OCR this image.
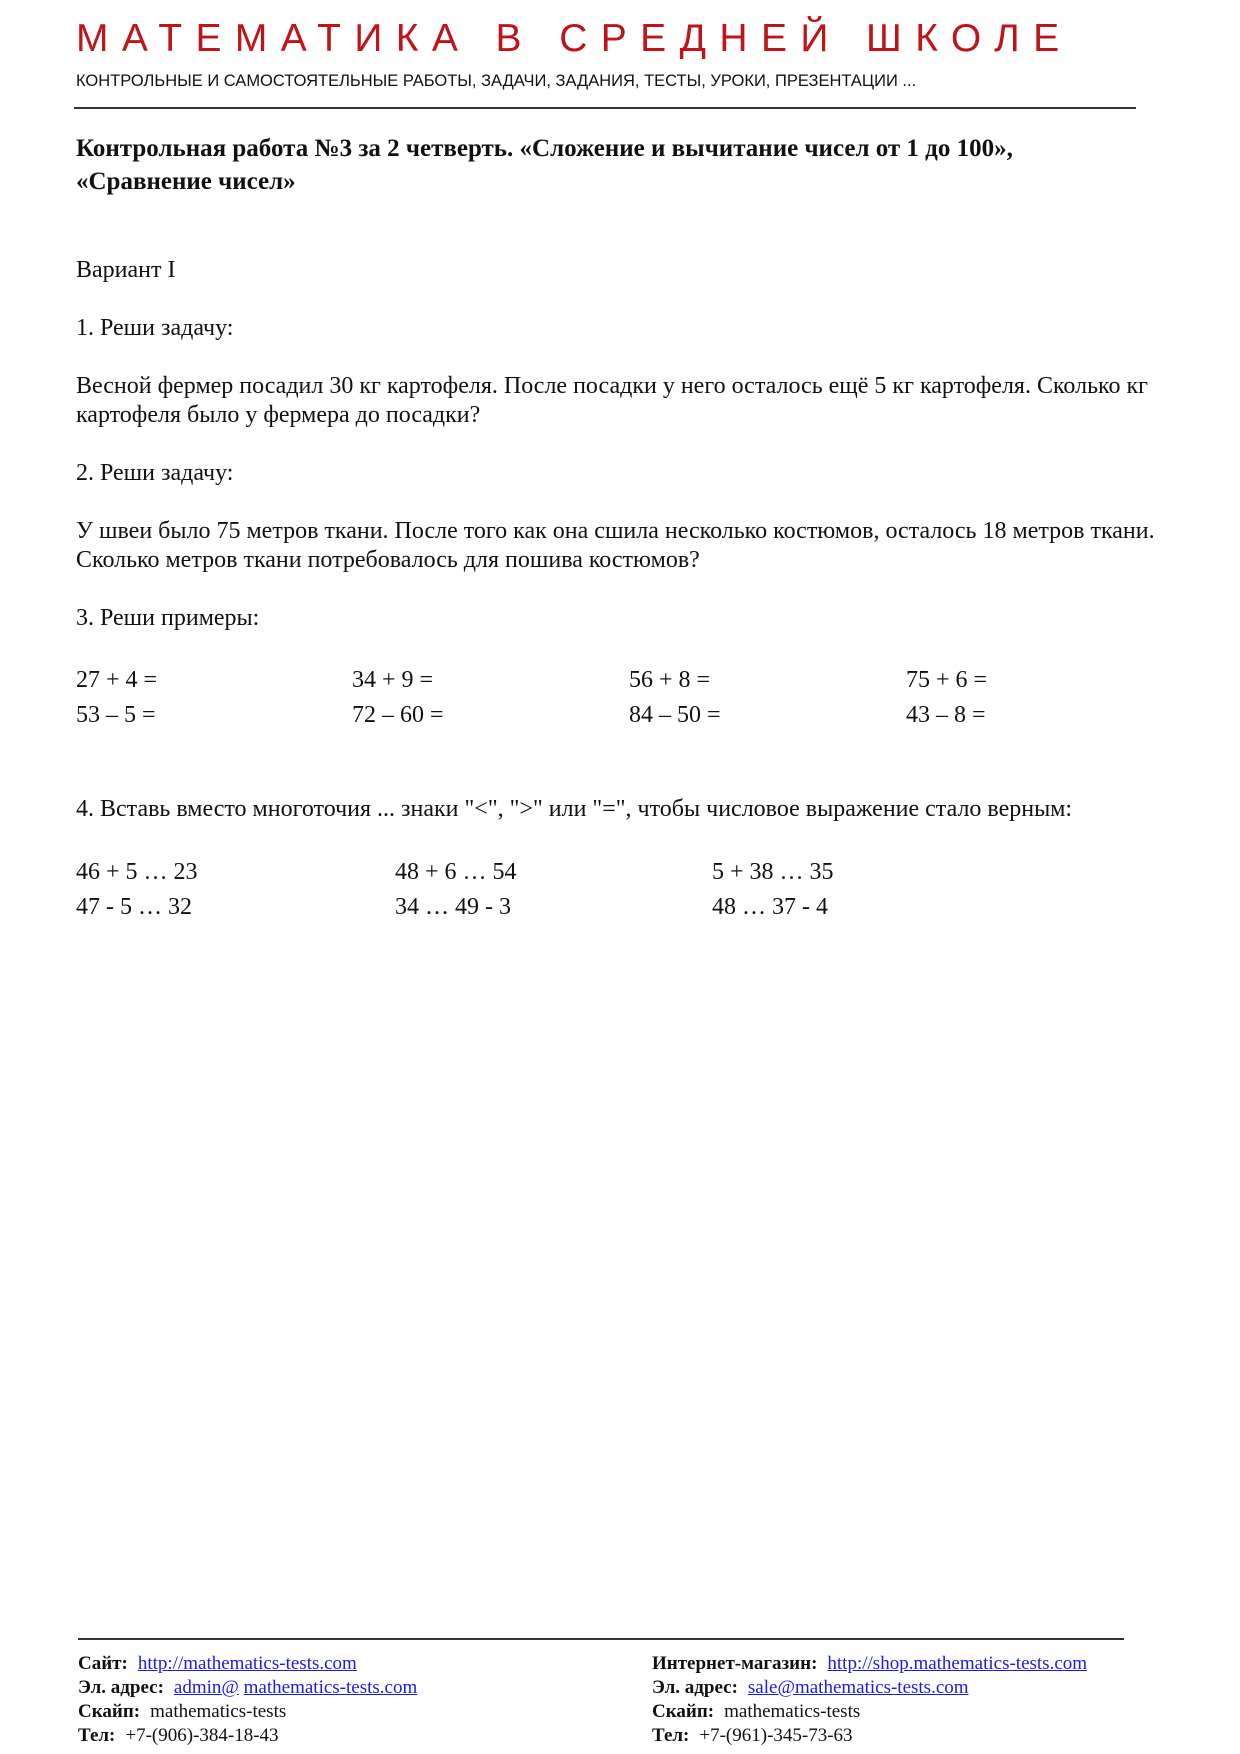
МАТЕМАТИКА В СРЕДНЕЙ ШКОЛЕ
КОНТРОЛЬНЫЕ И САМОСТОЯТЕЛЬНЫЕ РАБОТЫ, ЗАДАЧИ, ЗАДАНИЯ, ТЕСТЫ, УРОКИ, ПРЕЗЕНТАЦИИ ...
Контрольная работа №3 за 2 четверть. «Сложение и вычитание чисел от 1 до 100»,
«Сравнение чисел»
Вариант I
1. Реши задачу:
Весной фермер посадил 30 кг картофеля. После посадки у него осталось ещё 5 кг картофеля. Сколько кг картофеля было у фермера до посадки?
2. Реши задачу:
У швеи было 75 метров ткани. После того как она сшила несколько костюмов, осталось 18 метров ткани. Сколько метров ткани потребовалось для пошива костюмов?
3. Реши примеры:
27 + 4 =	34 + 9 =	56 + 8 =	75 + 6 =
53 – 5 =	72 – 60 =	84 – 50 =	43 – 8 =
4. Вставь вместо многоточия ... знаки "<", ">" или "=", чтобы числовое выражение стало верным:
46 + 5 … 23	48 + 6 … 54	5 + 38 … 35
47 - 5 … 32	34 … 49 - 3	48 … 37 - 4
Сайт: http://mathematics-tests.com
Эл. адрес: admin@ mathematics-tests.com
Скайп: mathematics-tests
Тел: +7-(906)-384-18-43
Интернет-магазин: http://shop.mathematics-tests.com
Эл. адрес: sale@mathematics-tests.com
Скайп: mathematics-tests
Тел: +7-(961)-345-73-63
